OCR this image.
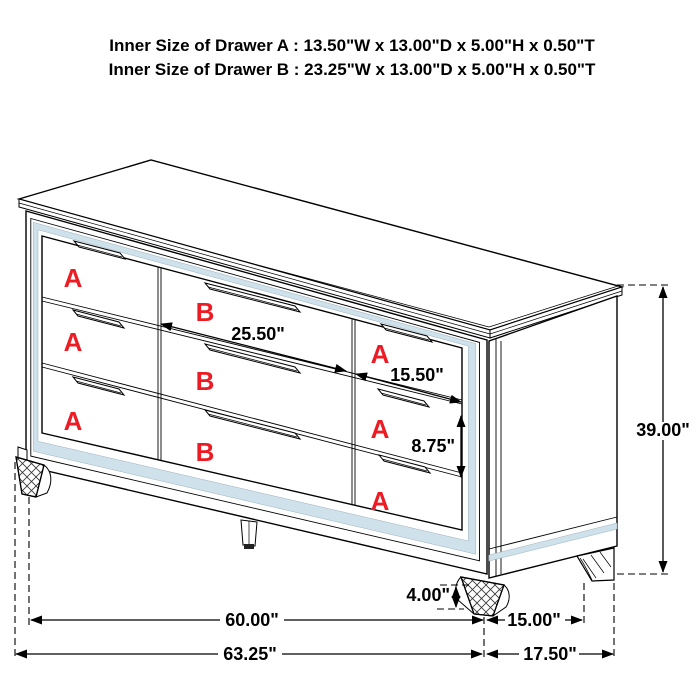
Inner Size of Drawer A : 13.50"W x 13.00"D x 5.00"H x 0.50"T
Inner Size of Drawer B : 23.25"W x 13.00"D x 5.00"H x 0.50"T
A
A
A
B
B
B
A
A
A
25.50"
15.50"
8.75"
39.00"
4.00"
60.00"	15.00"
63.25"	17.50"
